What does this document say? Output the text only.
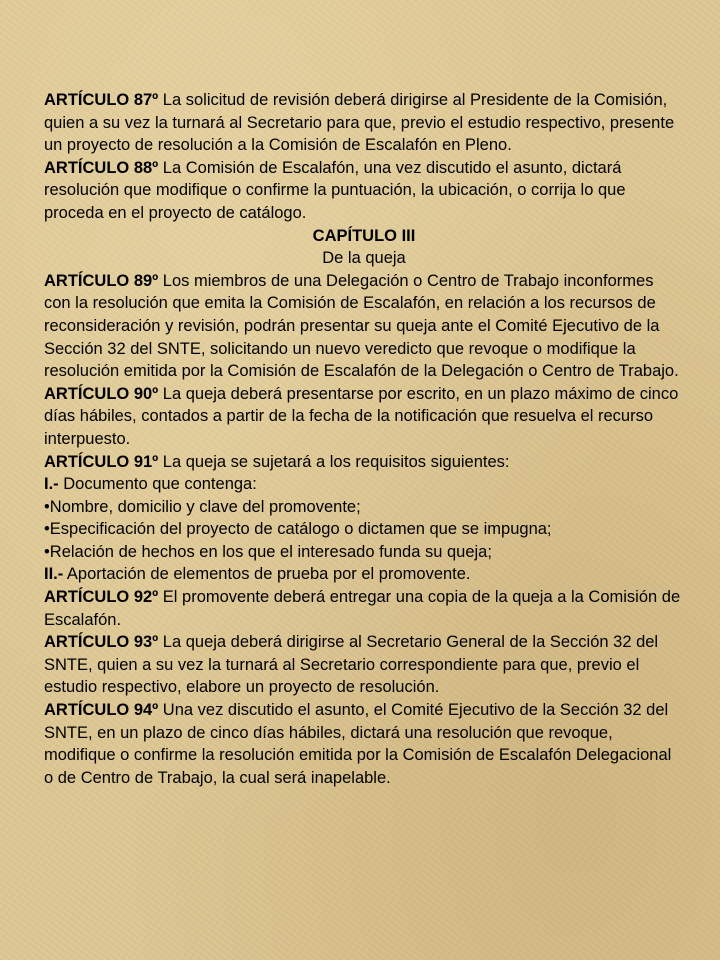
ARTÍCULO 87º La solicitud de revisión deberá dirigirse al Presidente de la Comisión, quien a su vez la turnará al Secretario para que, previo el estudio respectivo, presente un proyecto de resolución a la Comisión de Escalafón en Pleno.

ARTÍCULO 88º La Comisión de Escalafón, una vez discutido el asunto, dictará resolución que modifique o confirme la puntuación, la ubicación, o corrija lo que proceda en el proyecto de catálogo.

CAPÍTULO III

De la queja

ARTÍCULO 89º Los miembros de una Delegación o Centro de Trabajo inconformes con la resolución que emita la Comisión de Escalafón, en relación a los recursos de reconsideración y revisión, podrán presentar su queja ante el Comité Ejecutivo de la Sección 32 del SNTE, solicitando un nuevo veredicto que revoque o modifique la resolución emitida por la Comisión de Escalafón de la Delegación o Centro de Trabajo.

ARTÍCULO 90º La queja deberá presentarse por escrito, en un plazo máximo de cinco días hábiles, contados a partir de la fecha de la notificación que resuelva el recurso interpuesto.

ARTÍCULO 91º La queja se sujetará a los requisitos siguientes:

I.- Documento que contenga:

•Nombre, domicilio y clave del promovente;

•Especificación del proyecto de catálogo o dictamen que se impugna;

•Relación de hechos en los que el interesado funda su queja;

II.- Aportación de elementos de prueba por el promovente.

ARTÍCULO 92º El promovente deberá entregar una copia de la queja a la Comisión de Escalafón.

ARTÍCULO 93º La queja deberá dirigirse al Secretario General de la Sección 32 del SNTE, quien a su vez la turnará al Secretario correspondiente para que, previo el estudio respectivo, elabore un proyecto de resolución.

ARTÍCULO 94º Una vez discutido el asunto, el Comité Ejecutivo de la Sección 32 del SNTE, en un plazo de cinco días hábiles, dictará una resolución que revoque, modifique o confirme la resolución emitida por la Comisión de Escalafón Delegacional o de Centro de Trabajo, la cual será inapelable.
